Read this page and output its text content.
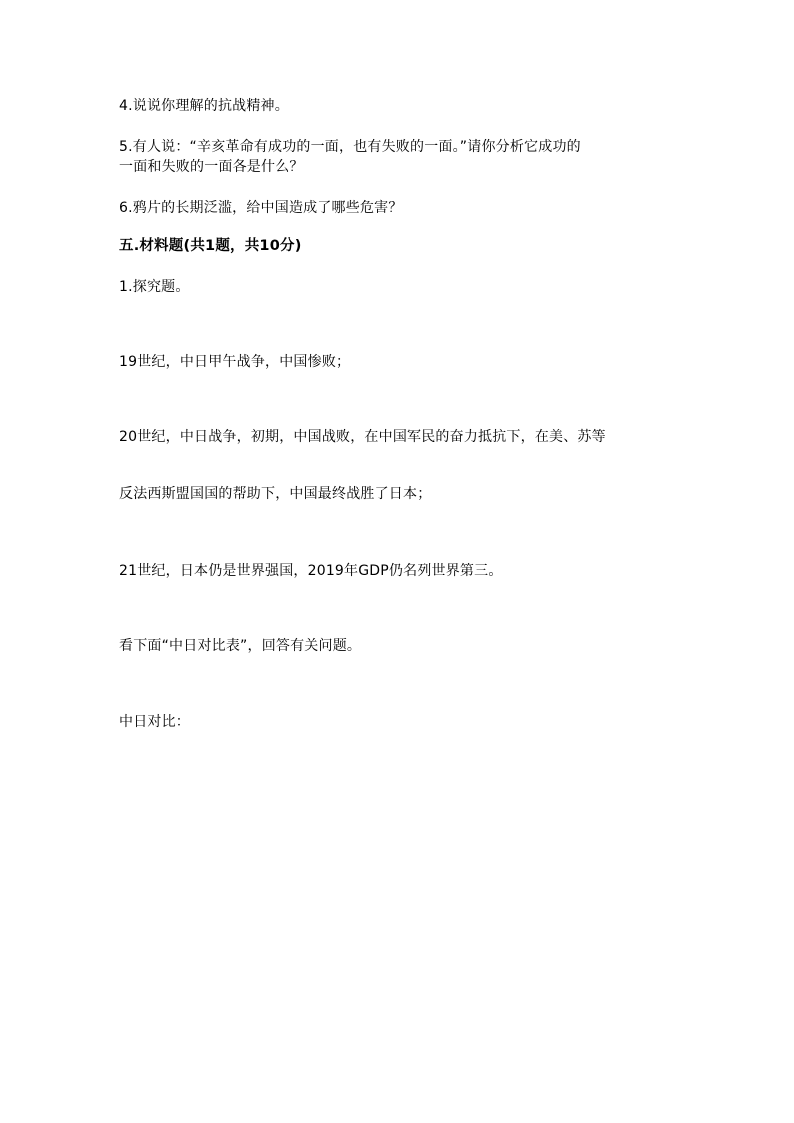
4.说说你理解的抗战精神。
5.有人说：“辛亥革命有成功的一面，也有失败的一面。”请你分析它成功的
一面和失败的一面各是什么？
6.鸦片的长期泛滥，给中国造成了哪些危害？
五.材料题(共1题，共10分)
1.探究题。
19世纪，中日甲午战争，中国惨败；
20世纪，中日战争，初期，中国战败，在中国军民的奋力抵抗下，在美、苏等
反法西斯盟国国的帮助下，中国最终战胜了日本；
21世纪，日本仍是世界强国，2019年GDP仍名列世界第三。
看下面“中日对比表”，回答有关问题。
中日对比：
